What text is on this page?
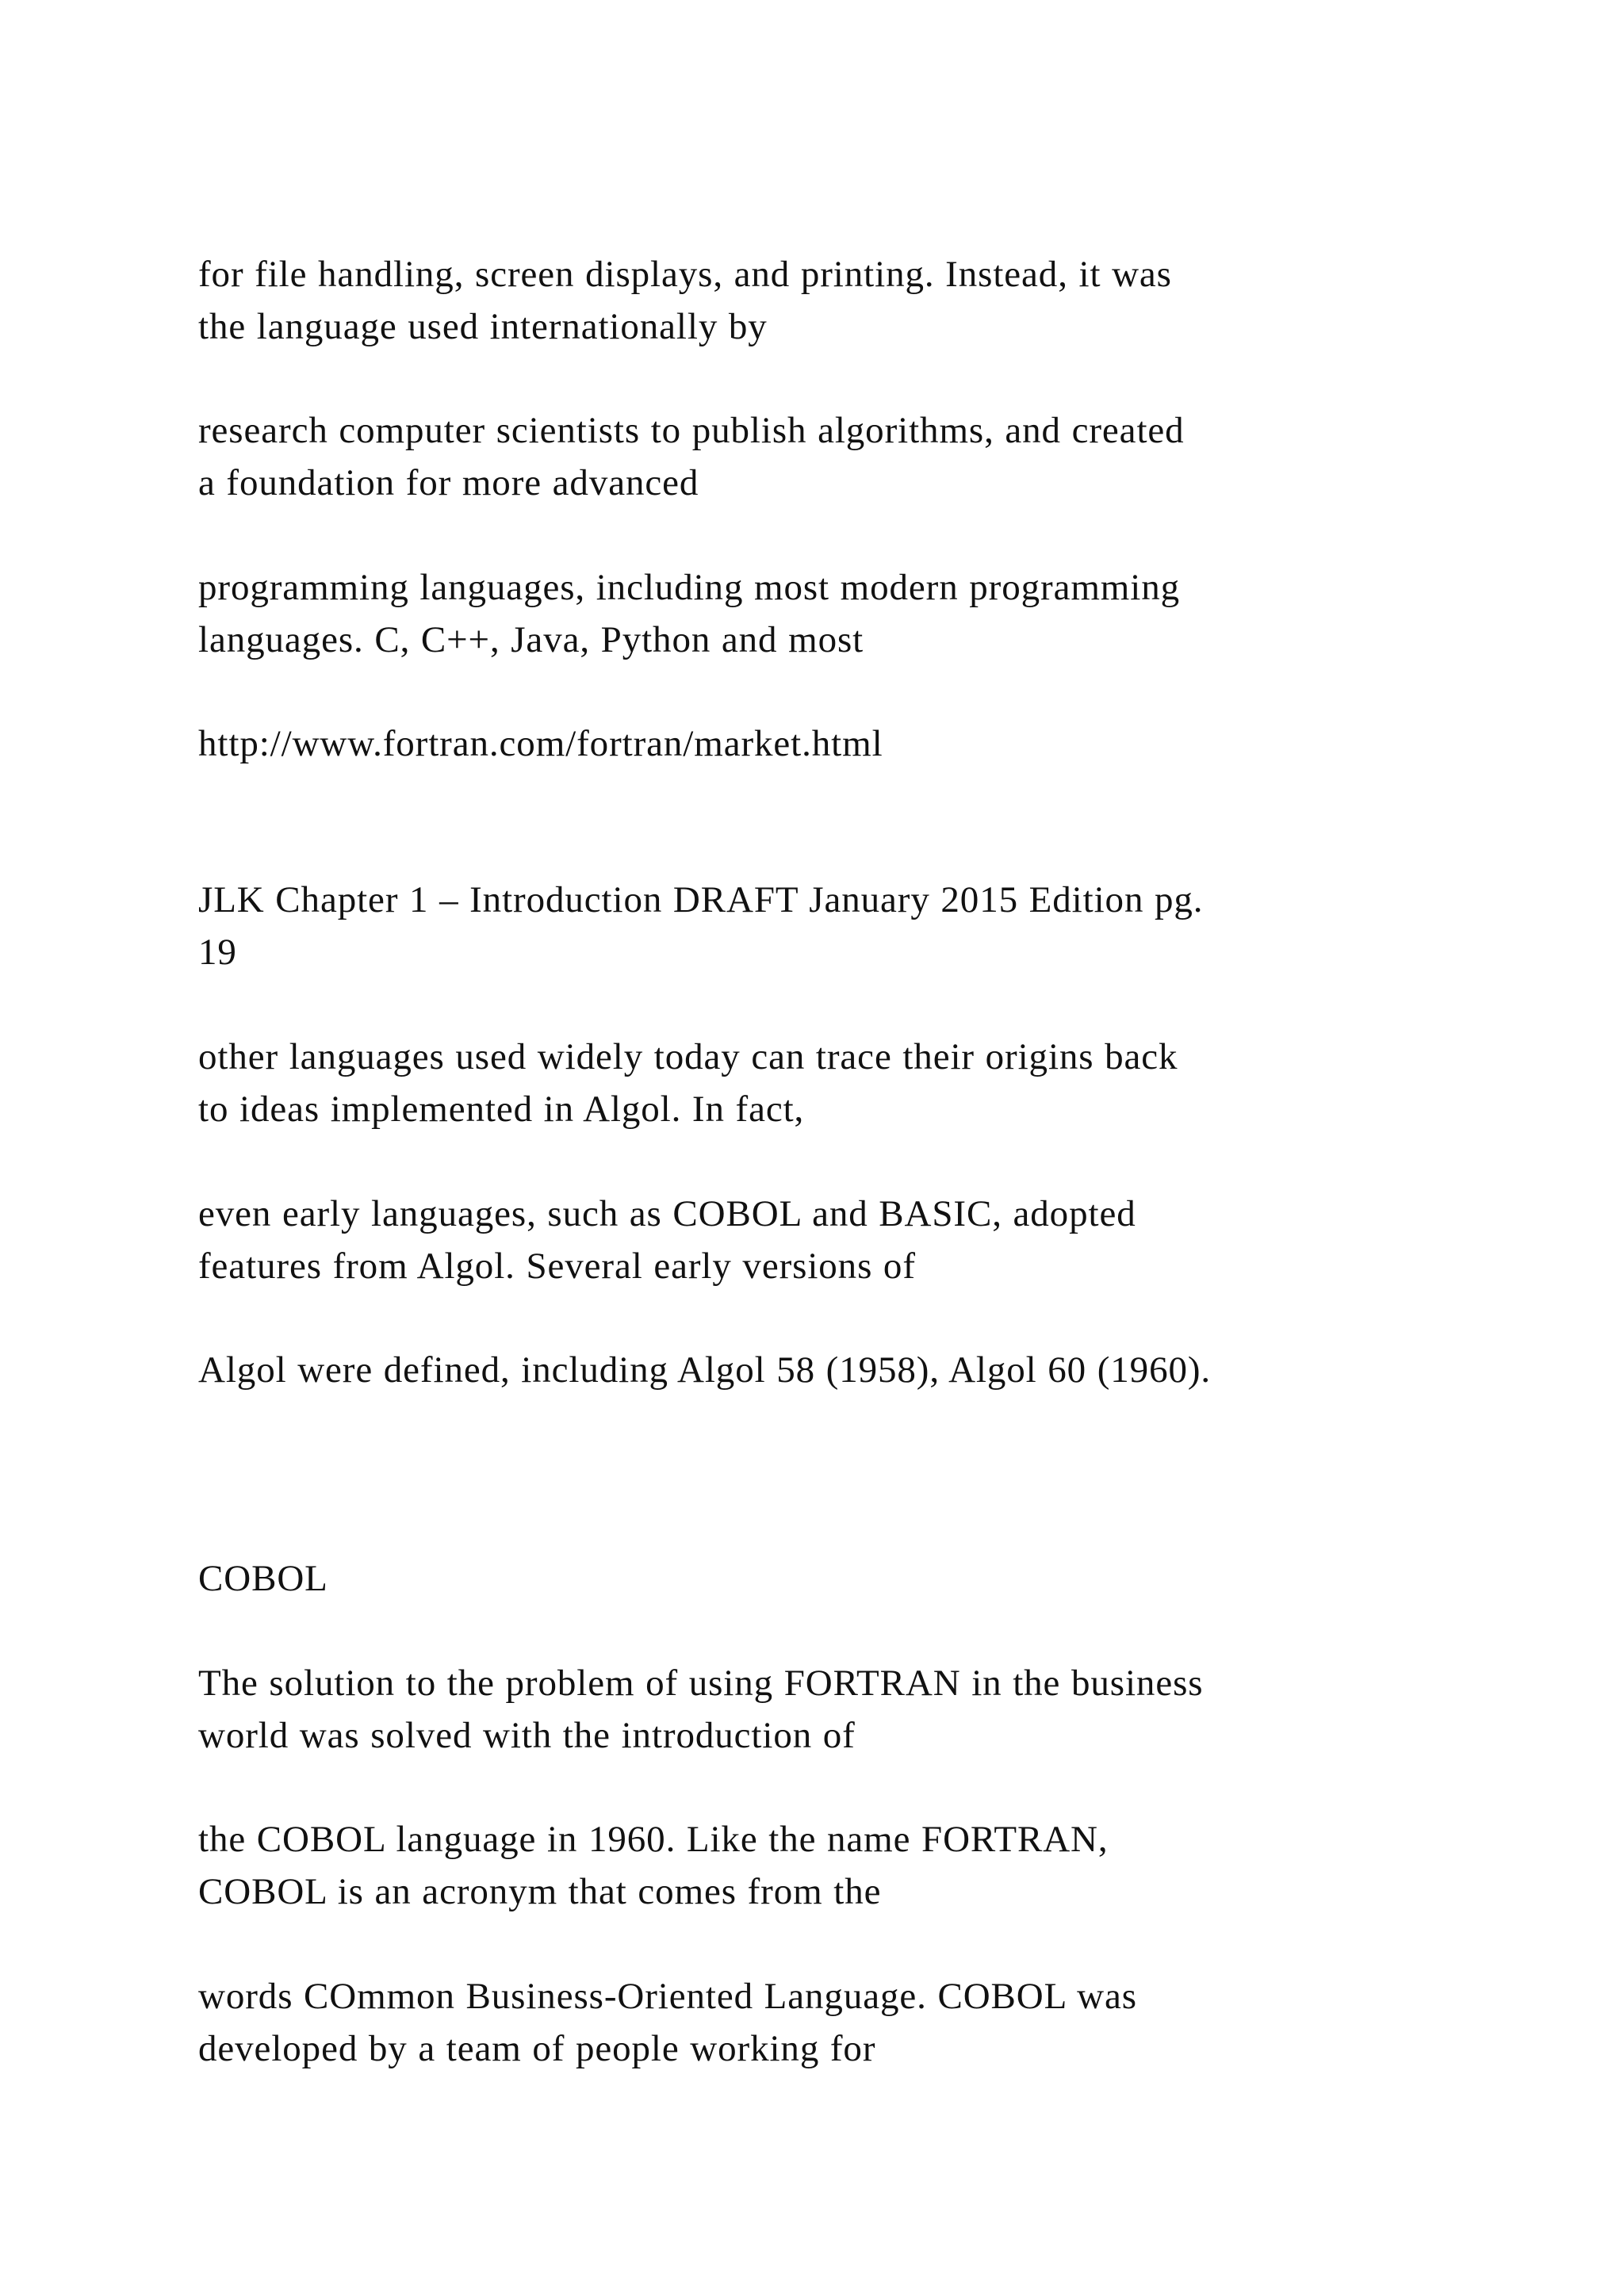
for file handling, screen displays, and printing. Instead, it was
the language used internationally by

research computer scientists to publish algorithms, and created
a foundation for more advanced

programming languages, including most modern programming
languages. C, C++, Java, Python and most

http://www.fortran.com/fortran/market.html

JLK Chapter 1 – Introduction DRAFT January 2015 Edition pg.
19

other languages used widely today can trace their origins back
to ideas implemented in Algol. In fact,

even early languages, such as COBOL and BASIC, adopted
features from Algol. Several early versions of

Algol were defined, including Algol 58 (1958), Algol 60 (1960).

COBOL

The solution to the problem of using FORTRAN in the business
world was solved with the introduction of

the COBOL language in 1960. Like the name FORTRAN,
COBOL is an acronym that comes from the

words COmmon Business-Oriented Language. COBOL was
developed by a team of people working for
